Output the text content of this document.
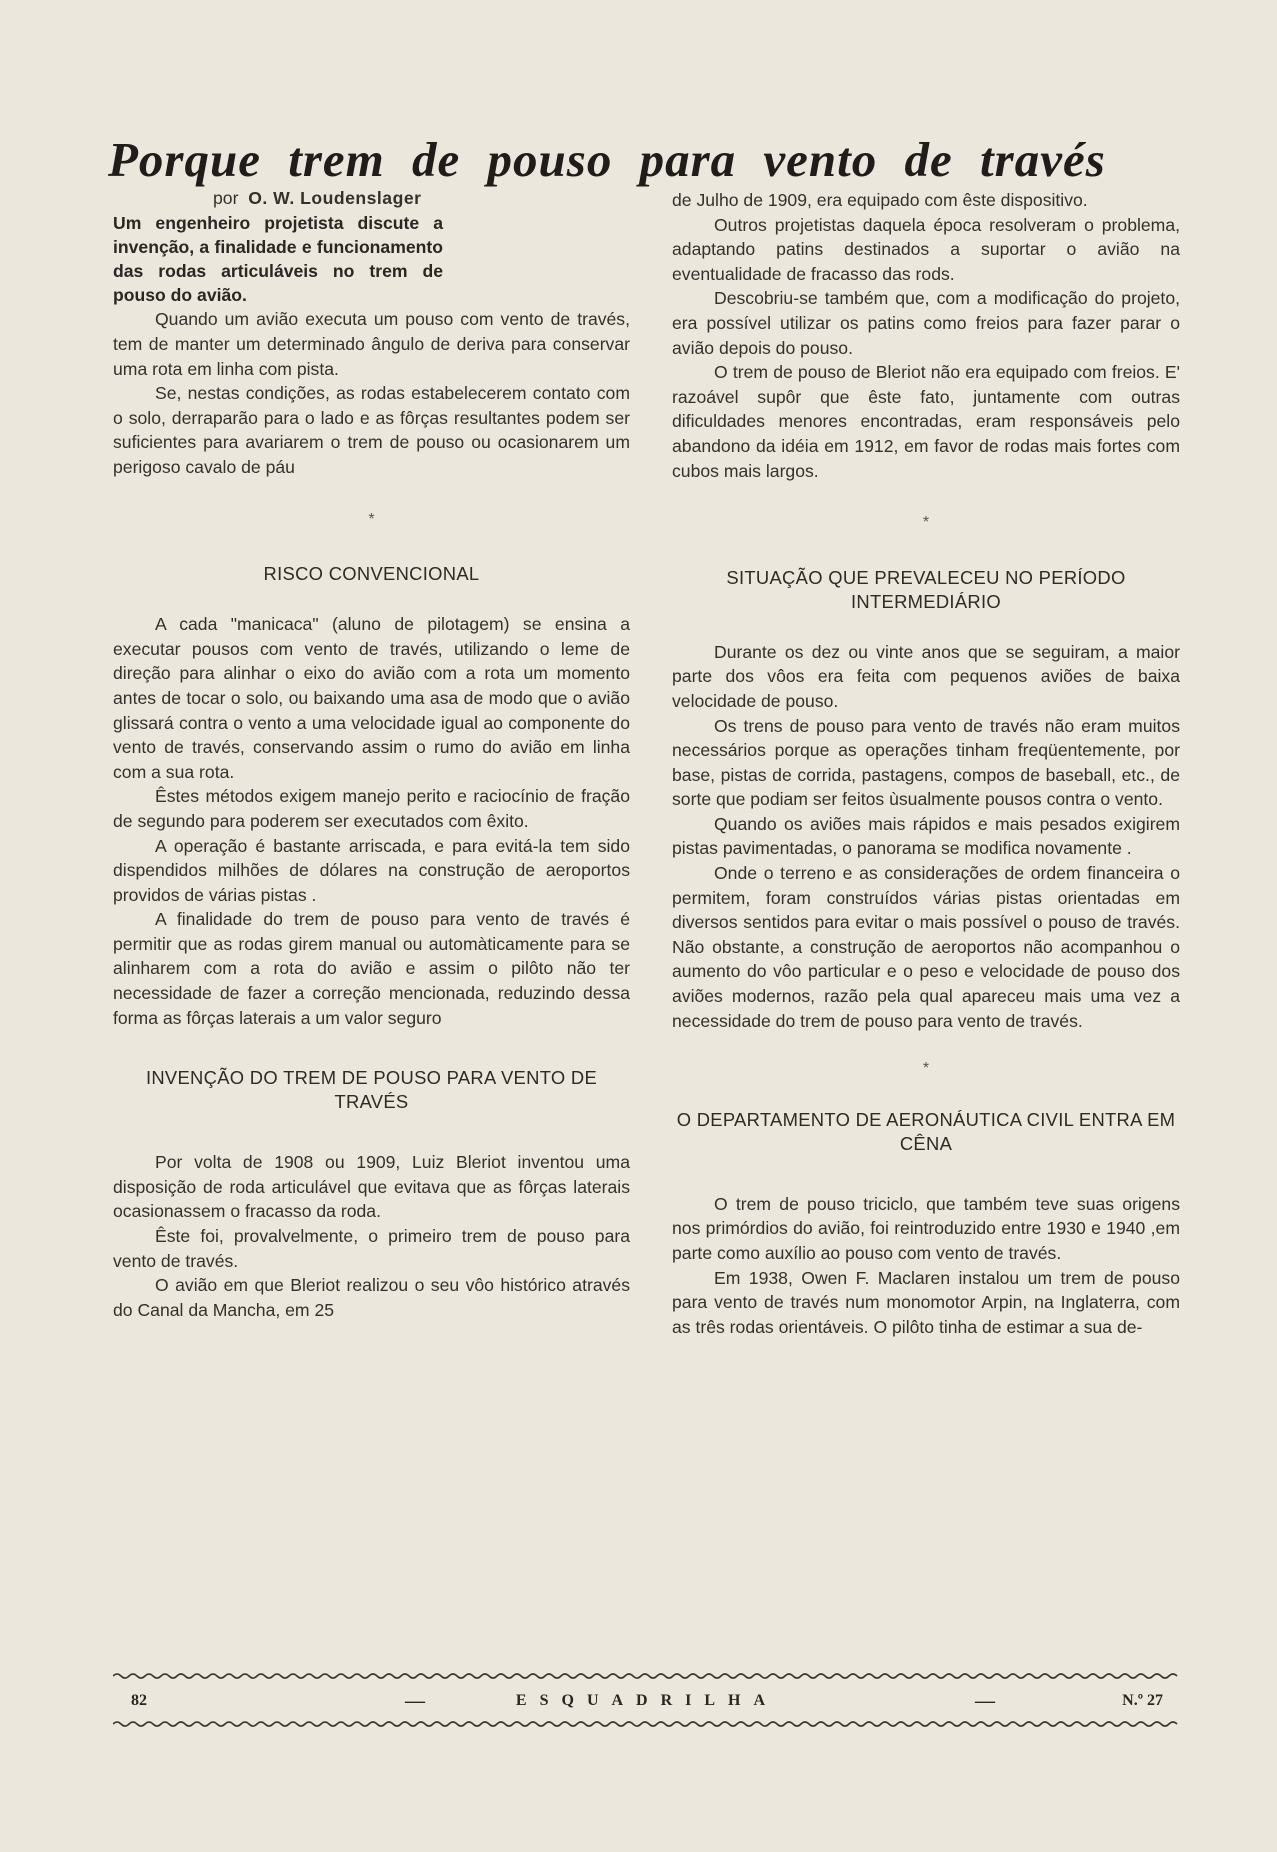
Porque trem de pouso para vento de través

por O. W. Loudenslager

Um engenheiro projetista discute a invenção, a finalidade e funcionamento das rodas articuláveis no trem de pouso do avião.

Quando um avião executa um pouso com vento de través, tem de manter um determinado ângulo de deriva para conservar uma rota em linha com pista.

Se, nestas condições, as rodas estabelecerem contato com o solo, derraparão para o lado e as fôrças resultantes podem ser suficientes para avariarem o trem de pouso ou ocasionarem um perigoso cavalo de páu

*
RISCO CONVENCIONAL

A cada "manicaca" (aluno de pilotagem) se ensina a executar pousos com vento de través, utilizando o leme de direção para alinhar o eixo do avião com a rota um momento antes de tocar o solo, ou baixando uma asa de modo que o avião glissará contra o vento a uma velocidade igual ao componente do vento de través, conservando assim o rumo do avião em linha com a sua rota.

Êstes métodos exigem manejo perito e raciocínio de fração de segundo para poderem ser executados com êxito.

A operação é bastante arriscada, e para evitá-la tem sido dispendidos milhões de dólares na construção de aeroportos providos de várias pistas .

A finalidade do trem de pouso para vento de través é permitir que as rodas girem manual ou automàticamente para se alinharem com a rota do avião e assim o pilôto não ter necessidade de fazer a correção mencionada, reduzindo dessa forma as fôrças laterais a um valor seguro

INVENÇÃO DO TREM DE POUSO PARA VENTO DE TRAVÉS

Por volta de 1908 ou 1909, Luiz Bleriot inventou uma disposição de roda articulável que evitava que as fôrças laterais ocasionassem o fracasso da roda.

Êste foi, provalvelmente, o primeiro trem de pouso para vento de través.

O avião em que Bleriot realizou o seu vôo histórico através do Canal da Mancha, em 25

de Julho de 1909, era equipado com êste dispositivo.

Outros projetistas daquela época resolveram o problema, adaptando patins destinados a suportar o avião na eventualidade de fracasso das rods.

Descobriu-se também que, com a modificação do projeto, era possível utilizar os patins como freios para fazer parar o avião depois do pouso.

O trem de pouso de Bleriot não era equipado com freios. E' razoável supôr que êste fato, juntamente com outras dificuldades menores encontradas, eram responsáveis pelo abandono da idéia em 1912, em favor de rodas mais fortes com cubos mais largos.

*
SITUAÇÃO QUE PREVALECEU NO PERÍODO INTERMEDIÁRIO

Durante os dez ou vinte anos que se seguiram, a maior parte dos vôos era feita com pequenos aviões de baixa velocidade de pouso.

Os trens de pouso para vento de través não eram muitos necessários porque as operações tinham freqüentemente, por base, pistas de corrida, pastagens, compos de baseball, etc., de sorte que podiam ser feitos ùsualmente pousos contra o vento.

Quando os aviões mais rápidos e mais pesados exigirem pistas pavimentadas, o panorama se modifica novamente .

Onde o terreno e as considerações de ordem financeira o permitem, foram construídos várias pistas orientadas em diversos sentidos para evitar o mais possível o pouso de través. Não obstante, a construção de aeroportos não acompanhou o aumento do vôo particular e o peso e velocidade de pouso dos aviões modernos, razão pela qual apareceu mais uma vez a necessidade do trem de pouso para vento de través.

*
O DEPARTAMENTO DE AERONÁUTICA CIVIL ENTRA EM CÊNA

O trem de pouso triciclo, que também teve suas origens nos primórdios do avião, foi reintroduzido entre 1930 e 1940 ,em parte como auxílio ao pouso com vento de través.

Em 1938, Owen F. Maclaren instalou um trem de pouso para vento de través num monomotor Arpin, na Inglaterra, com as três rodas orientáveis. O pilôto tinha de estimar a sua de-

82	—	ESQUADRILHA	—	N.º 27
